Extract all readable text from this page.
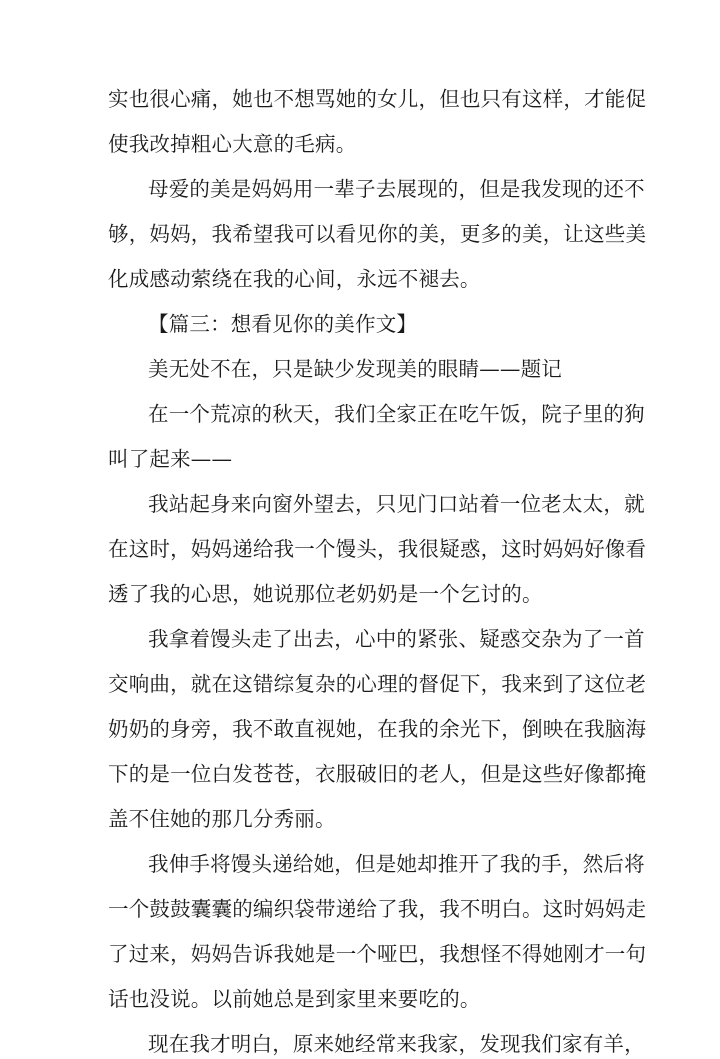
实也很心痛，她也不想骂她的女儿，但也只有这样，才能促
使我改掉粗心大意的毛病。
母爱的美是妈妈用一辈子去展现的，但是我发现的还不
够，妈妈，我希望我可以看见你的美，更多的美，让这些美
化成感动萦绕在我的心间，永远不褪去。
【篇三：想看见你的美作文】
美无处不在，只是缺少发现美的眼睛——题记
在一个荒凉的秋天，我们全家正在吃午饭，院子里的狗
叫了起来——
我站起身来向窗外望去，只见门口站着一位老太太，就
在这时，妈妈递给我一个馒头，我很疑惑，这时妈妈好像看
透了我的心思，她说那位老奶奶是一个乞讨的。
我拿着馒头走了出去，心中的紧张、疑惑交杂为了一首
交响曲，就在这错综复杂的心理的督促下，我来到了这位老
奶奶的身旁，我不敢直视她，在我的余光下，倒映在我脑海
下的是一位白发苍苍，衣服破旧的老人，但是这些好像都掩
盖不住她的那几分秀丽。
我伸手将馒头递给她，但是她却推开了我的手，然后将
一个鼓鼓囊囊的编织袋带递给了我，我不明白。这时妈妈走
了过来，妈妈告诉我她是一个哑巴，我想怪不得她刚才一句
话也没说。以前她总是到家里来要吃的。
现在我才明白，原来她经常来我家，发现我们家有羊，
